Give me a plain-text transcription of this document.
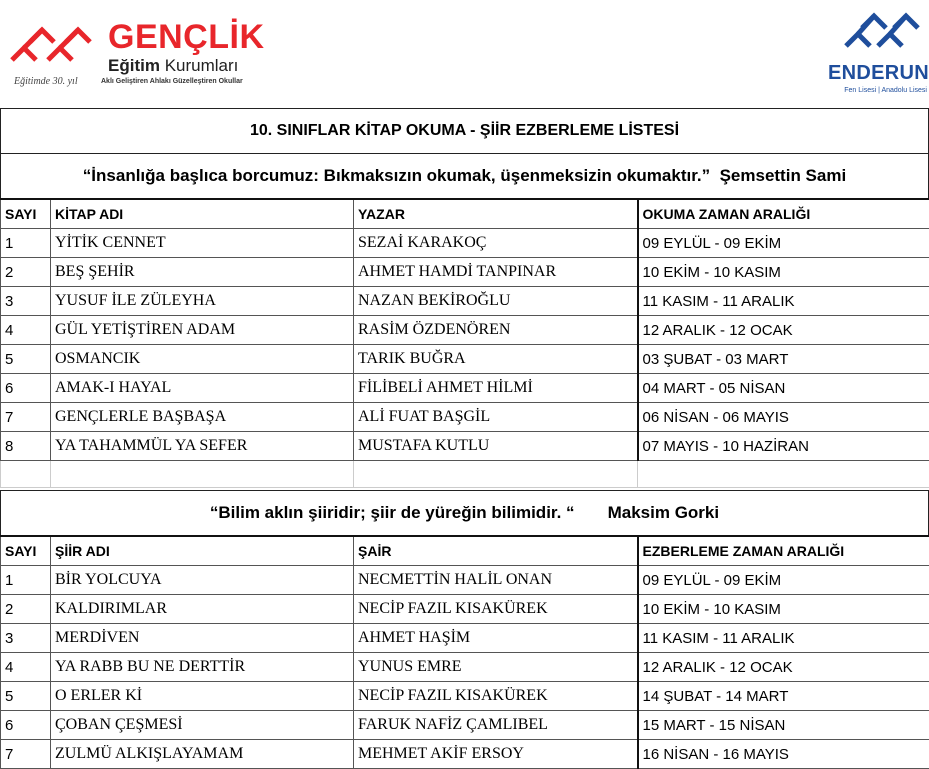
GENÇLİK
Eğitim Kurumları
Aklı Geliştiren Ahlakı Güzelleştiren Okullar
Eğitimde 30. yıl	ENDERUN
Fen Lisesi | Anadolu Lisesi
10. SINIFLAR KİTAP OKUMA - ŞİİR EZBERLEME LİSTESİ
“İnsanlığa başlıca borcumuz: Bıkmaksızın okumak, üşenmeksizin okumaktır.” Şemsettin Sami
SAYI	KİTAP ADI	YAZAR	OKUMA ZAMAN ARALIĞI
1	YİTİK CENNET	SEZAİ KARAKOÇ	09 EYLÜL - 09 EKİM
2	BEŞ ŞEHİR	AHMET HAMDİ TANPINAR	10 EKİM - 10 KASIM
3	YUSUF İLE ZÜLEYHA	NAZAN BEKİROĞLU	11 KASIM - 11 ARALIK
4	GÜL YETİŞTİREN ADAM	RASİM ÖZDENÖREN	12 ARALIK - 12 OCAK
5	OSMANCIK	TARIK BUĞRA	03 ŞUBAT - 03 MART
6	AMAK-I HAYAL	FİLİBELİ AHMET HİLMİ	04 MART - 05 NİSAN
7	GENÇLERLE BAŞBAŞA	ALİ FUAT BAŞGİL	06 NİSAN - 06 MAYIS
8	YA TAHAMMÜL YA SEFER	MUSTAFA KUTLU	07 MAYIS - 10 HAZİRAN

“Bilim aklın şiiridir; şiir de yüreğin bilimidir. “ Maksim Gorki
SAYI	ŞİİR ADI	ŞAİR	EZBERLEME ZAMAN ARALIĞI
1	BİR YOLCUYA	NECMETTİN HALİL ONAN	09 EYLÜL - 09 EKİM
2	KALDIRIMLAR	NECİP FAZIL KISAKÜREK	10 EKİM - 10 KASIM
3	MERDİVEN	AHMET HAŞİM	11 KASIM - 11 ARALIK
4	YA RABB BU NE DERTTİR	YUNUS EMRE	12 ARALIK - 12 OCAK
5	O ERLER Kİ	NECİP FAZIL KISAKÜREK	14 ŞUBAT - 14 MART
6	ÇOBAN ÇEŞMESİ	FARUK NAFİZ ÇAMLIBEL	15 MART - 15 NİSAN
7	ZULMÜ ALKIŞLAYAMAM	MEHMET AKİF ERSOY	16 NİSAN - 16 MAYIS
